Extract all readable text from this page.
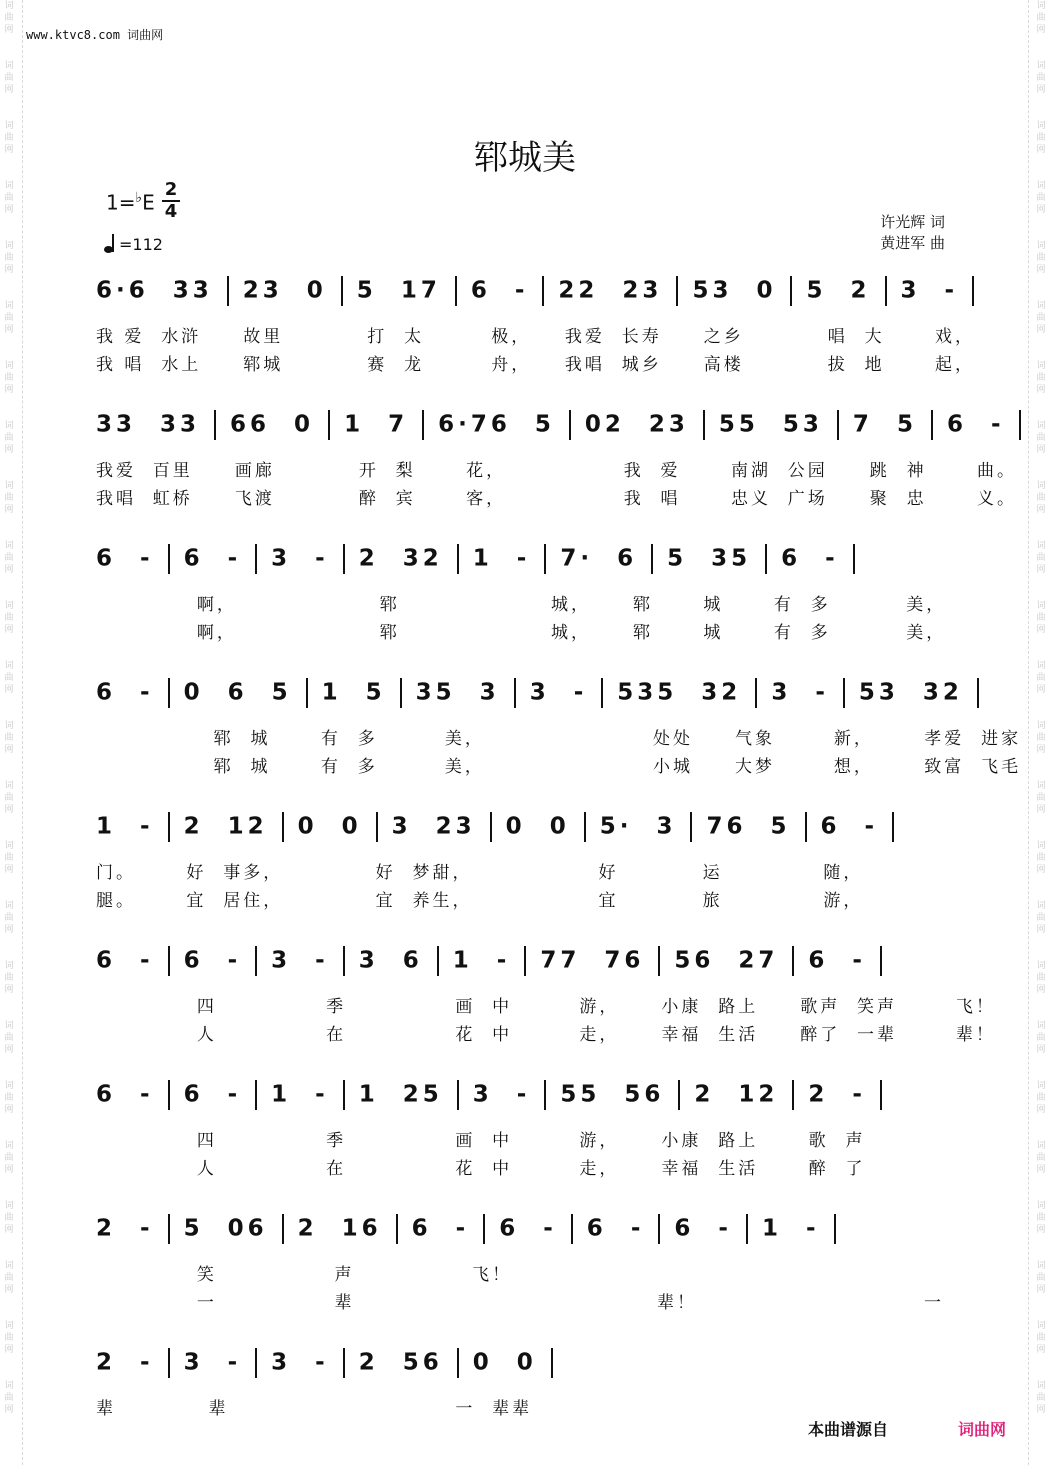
词
曲
网
词
曲
网
词
曲
网
词
曲
网
词
曲
网
词
曲
网
词
曲
网
词
曲
网
词
曲
网
词
曲
网
词
曲
网
词
曲
网
词
曲
网
词
曲
网
词
曲
网
词
曲
网
词
曲
网
词
曲
网
词
曲
网
词
曲
网
词
曲
网
词
曲
网
词
曲
网
词
曲
网
词
曲
网
词
曲
网
词
曲
网
词
曲
网
词
曲
网
词
曲
网
词
曲
网
词
曲
网
词
曲
网
词
曲
网
词
曲
网
词
曲
网
词
曲
网
词
曲
网
词
曲
网
词
曲
网
词
曲
网
词
曲
网
词
曲
网
词
曲
网
词
曲
网
词
曲
网
词
曲
网
词
曲
网
www.ktvc8.com 词曲网
郓城美
$1=^♭E \frac{2}{4}$
=112
许光辉 词
黄进军 曲
6·6  33 23  0 5  17 6  - 22  23 53  0 5  2 3  -
我 爱  水浒     故里          打  太        极，    我爱  长寿     之乡          唱  大      戏，
我 唱  水上     郓城          赛  龙        舟，    我唱  城乡     高楼          拔  地      起，
33  33 66  0 1  7 6·76  5 02  23 55  53 7  5 6  -
我爱  百里     画廊          开  梨      花，              我  爱      南湖  公园     跳  神      曲。
我唱  虹桥     飞渡          醉  宾      客，              我  唱      忠义  广场     聚  忠      义。
6  - 6  - 3  - 2  32 1  - 7·  6 5  35 6  -
啊，                 郓                  城，     郓      城      有  多         美，
啊，                 郓                  城，     郓      城      有  多         美，
6  - 0  6  5 1  5 35  3 3  - 535  32 3  - 53  32
郓  城      有  多        美，                    处处     气象       新，      孝爱  进家
郓  城      有  多        美，                    小城     大梦       想，      致富  飞毛
1  - 2  12 0  0 3  23 0  0 5·  3 76  5 6  -
门。      好  事多，           好  梦甜，               好          运            随，
腿。      宜  居住，           宜  养生，               宜          旅            游，
6  - 6  - 3  - 3  6 1  - 77  76 56  27 6  -
四             季             画  中        游，     小康  路上     歌声  笑声       飞！
人             在             花  中        走，     幸福  生活     醉了  一辈       辈！
6  - 6  - 1  - 1  25 3  - 55  56 2  12 2  -
四             季             画  中        游，     小康  路上      歌  声
人             在             花  中        走，     幸福  生活      醉  了
2  - 5  06 2  16 6  - 6  - 6  - 6  - 1  -
笑              声              飞！
一              辈                                    辈！                           一
2  - 3  - 3  - 2  56 0  0
辈           辈                           一  辈辈
本曲谱源自	词曲网
